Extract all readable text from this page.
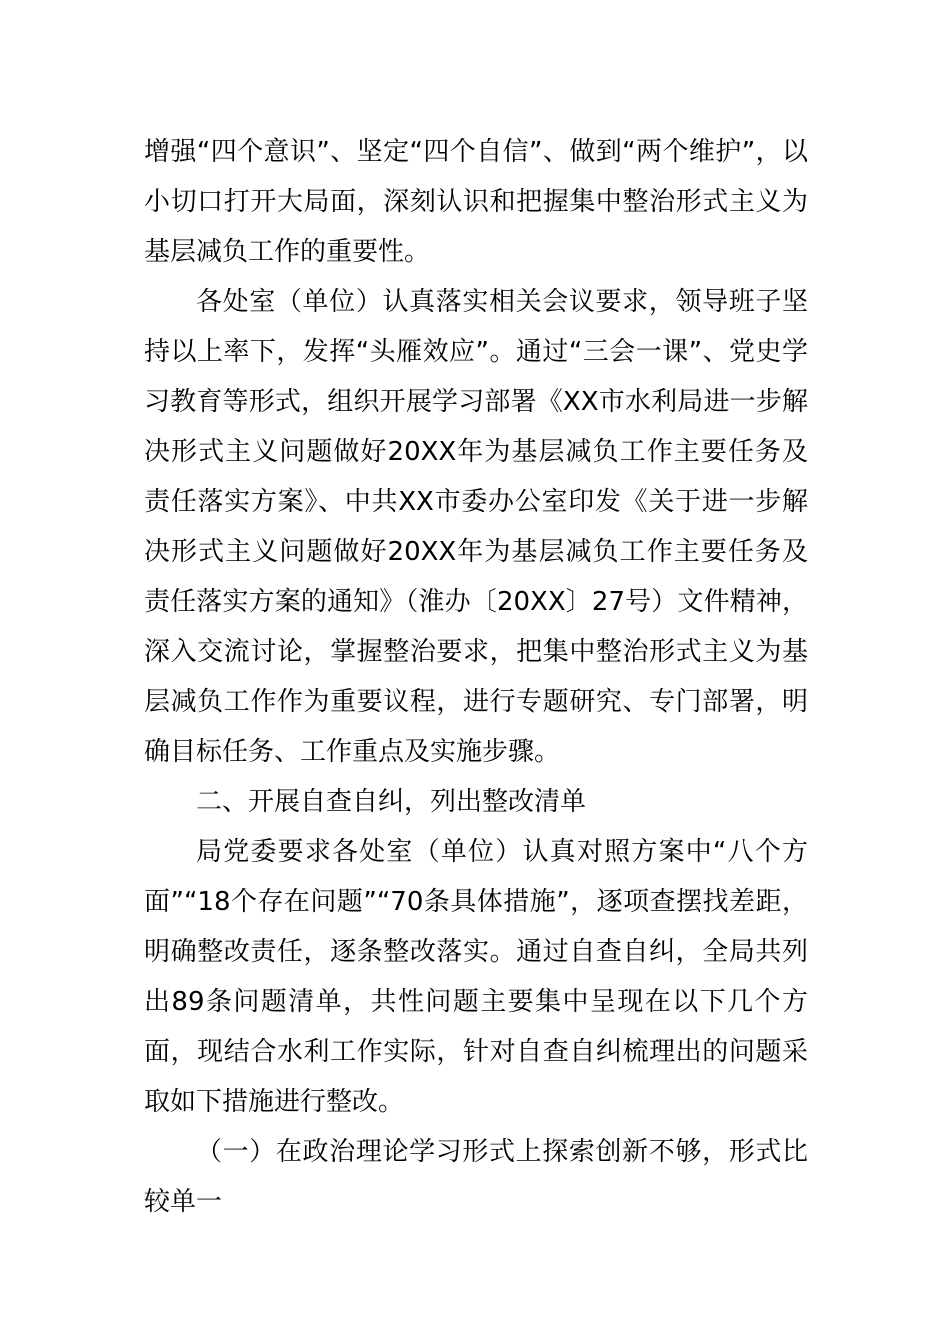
增强“四个意识”、坚定“四个自信”、做到“两个维护”，以小切口打开大局面，深刻认识和把握集中整治形式主义为基层减负工作的重要性。

各处室（单位）认真落实相关会议要求，领导班子坚持以上率下，发挥“头雁效应”。通过“三会一课”、党史学习教育等形式，组织开展学习部署《XX市水利局进一步解决形式主义问题做好20XX年为基层减负工作主要任务及责任落实方案》、中共XX市委办公室印发《关于进一步解决形式主义问题做好20XX年为基层减负工作主要任务及责任落实方案的通知》（淮办〔20XX〕27号）文件精神，深入交流讨论，掌握整治要求，把集中整治形式主义为基层减负工作作为重要议程，进行专题研究、专门部署，明确目标任务、工作重点及实施步骤。

二、开展自查自纠，列出整改清单

局党委要求各处室（单位）认真对照方案中“八个方面”“18个存在问题”“70条具体措施”，逐项查摆找差距，明确整改责任，逐条整改落实。通过自查自纠，全局共列出89条问题清单，共性问题主要集中呈现在以下几个方面，现结合水利工作实际，针对自查自纠梳理出的问题采取如下措施进行整改。

（一）在政治理论学习形式上探索创新不够，形式比较单一
